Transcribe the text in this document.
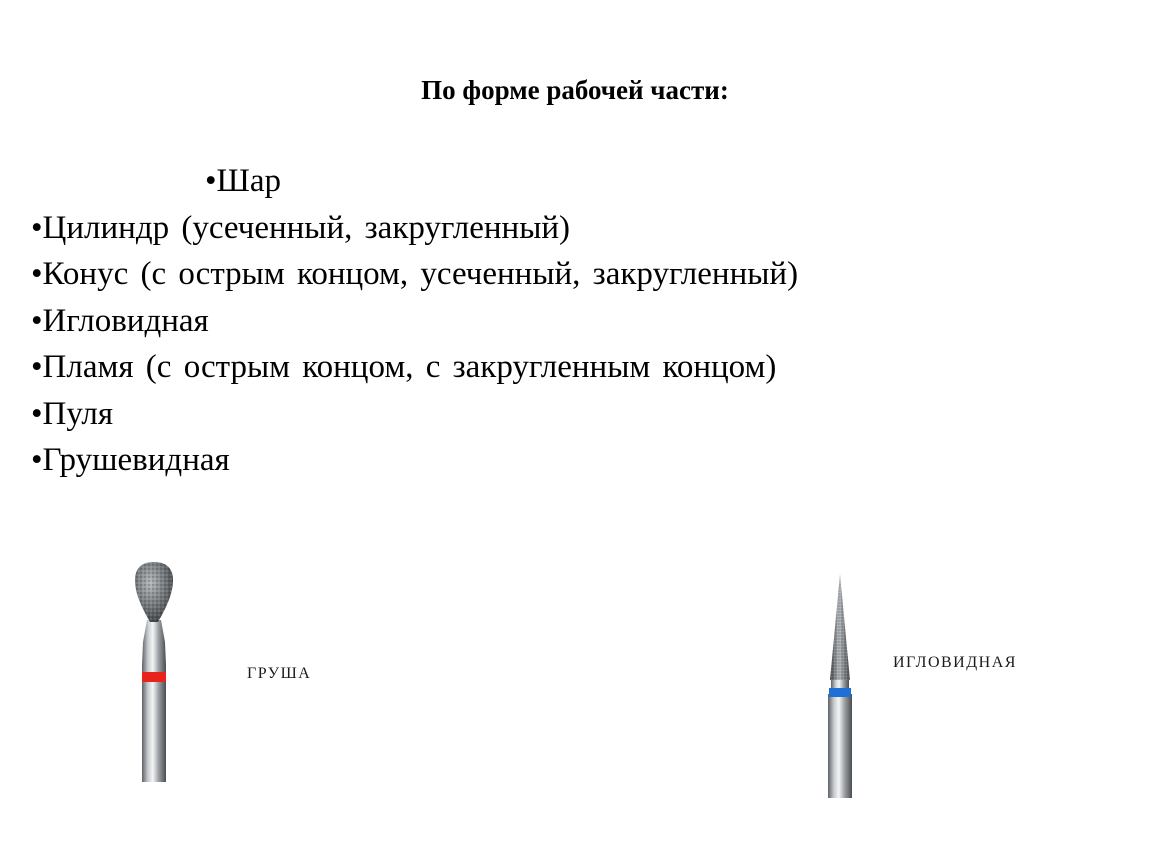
По форме рабочей части:
•Шар
•Цилиндр (усеченный, закругленный)
•Конус (с острым концом, усеченный, закругленный)
•Игловидная
•Пламя (с острым концом, с закругленным концом)
•Пуля
•Грушевидная
ГРУША
ИГЛОВИДНАЯ
